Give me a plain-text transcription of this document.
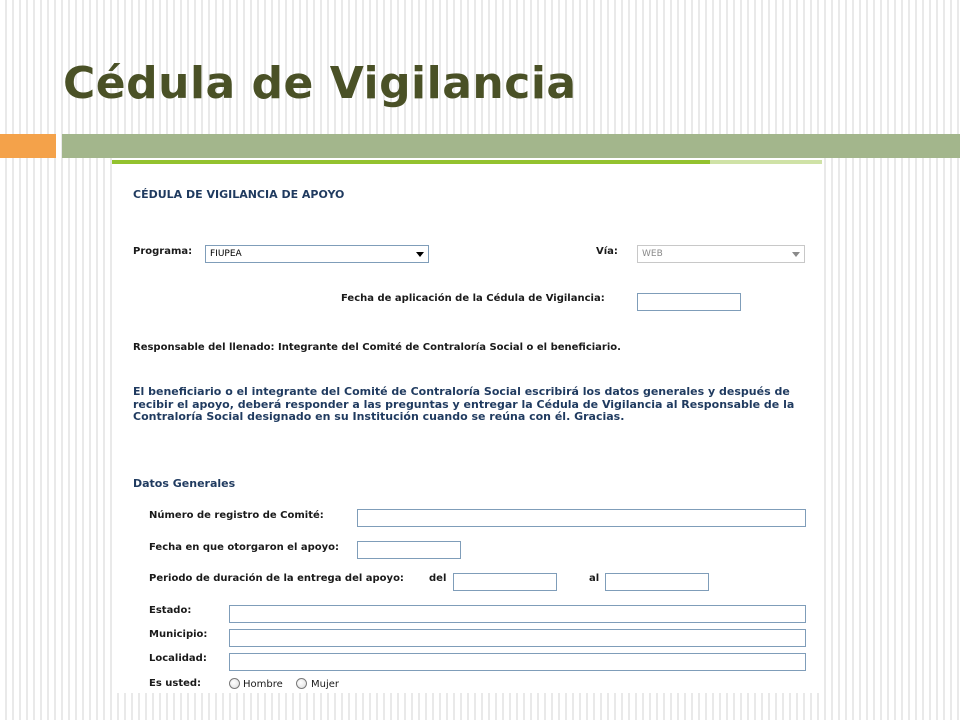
Cédula de Vigilancia
CÉDULA DE VIGILANCIA DE APOYO
Programa:	FIUPEA	Vía:	WEB
Fecha de aplicación de la Cédula de Vigilancia:
Responsable del llenado: Integrante del Comité de Contraloría Social o el beneficiario.

El beneficiario o el integrante del Comité de Contraloría Social escribirá los datos generales y después de recibir el apoyo, deberá responder a las preguntas y entregar la Cédula de Vigilancia al Responsable de la Contraloría Social designado en su Institución cuando se reúna con él. Gracias.

Datos Generales
Número de registro de Comité:
Fecha en que otorgaron el apoyo:
Periodo de duración de la entrega del apoyo:	del	al
Estado:
Municipio:
Localidad:
Es usted:	Hombre	Mujer
